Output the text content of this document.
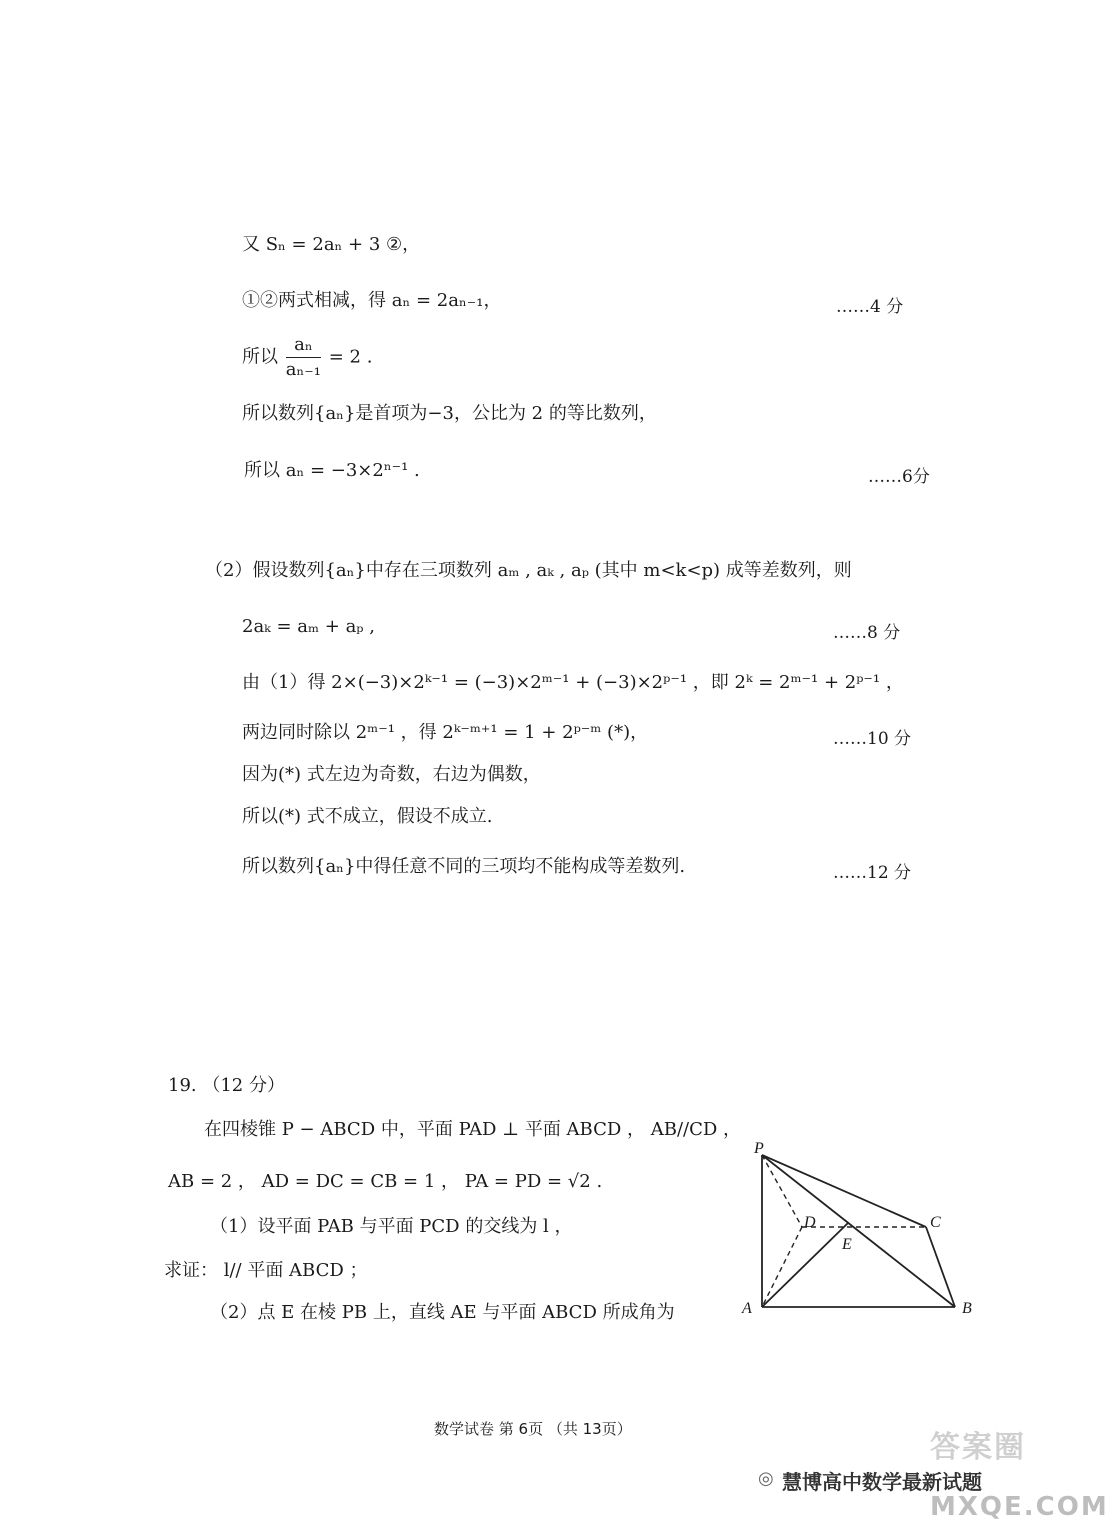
又 Sₙ = 2aₙ + 3 ②，
①②两式相减，得 aₙ = 2aₙ₋₁，	……4 分
所以 $\frac{\text{aₙ}}{\text{aₙ₋₁}} = 2$ .
所以数列{aₙ}是首项为−3，公比为 2 的等比数列，
所以 aₙ = −3×2ⁿ⁻¹ .	……6分
（2）假设数列{aₙ}中存在三项数列 aₘ , aₖ , aₚ (其中 m<k<p) 成等差数列，则
2aₖ = aₘ + aₚ ,	……8 分
由（1）得 2×(−3)×2ᵏ⁻¹ = (−3)×2ᵐ⁻¹ + (−3)×2ᵖ⁻¹ ，即 2ᵏ = 2ᵐ⁻¹ + 2ᵖ⁻¹ ，
两边同时除以 2ᵐ⁻¹ ，得 2ᵏ⁻ᵐ⁺¹ = 1 + 2ᵖ⁻ᵐ (*)，	……10 分
因为(*) 式左边为奇数，右边为偶数，
所以(*) 式不成立，假设不成立.
所以数列{aₙ}中得任意不同的三项均不能构成等差数列.	……12 分
19. （12 分）
在四棱锥 P − ABCD 中，平面 PAD ⊥ 平面 ABCD ， AB//CD ，
AB = 2 ， AD = DC = CB = 1 ， PA = PD = √2 .
（1）设平面 PAB 与平面 PCD 的交线为 l ，
求证： l// 平面 ABCD ；
（2）点 E 在棱 PB 上，直线 AE 与平面 ABCD 所成角为
P
D	C
E
A	B
数学试卷 第 6页 （共 13页）
◎ 慧博高中数学最新试题
答案圈
MXQE.COM
